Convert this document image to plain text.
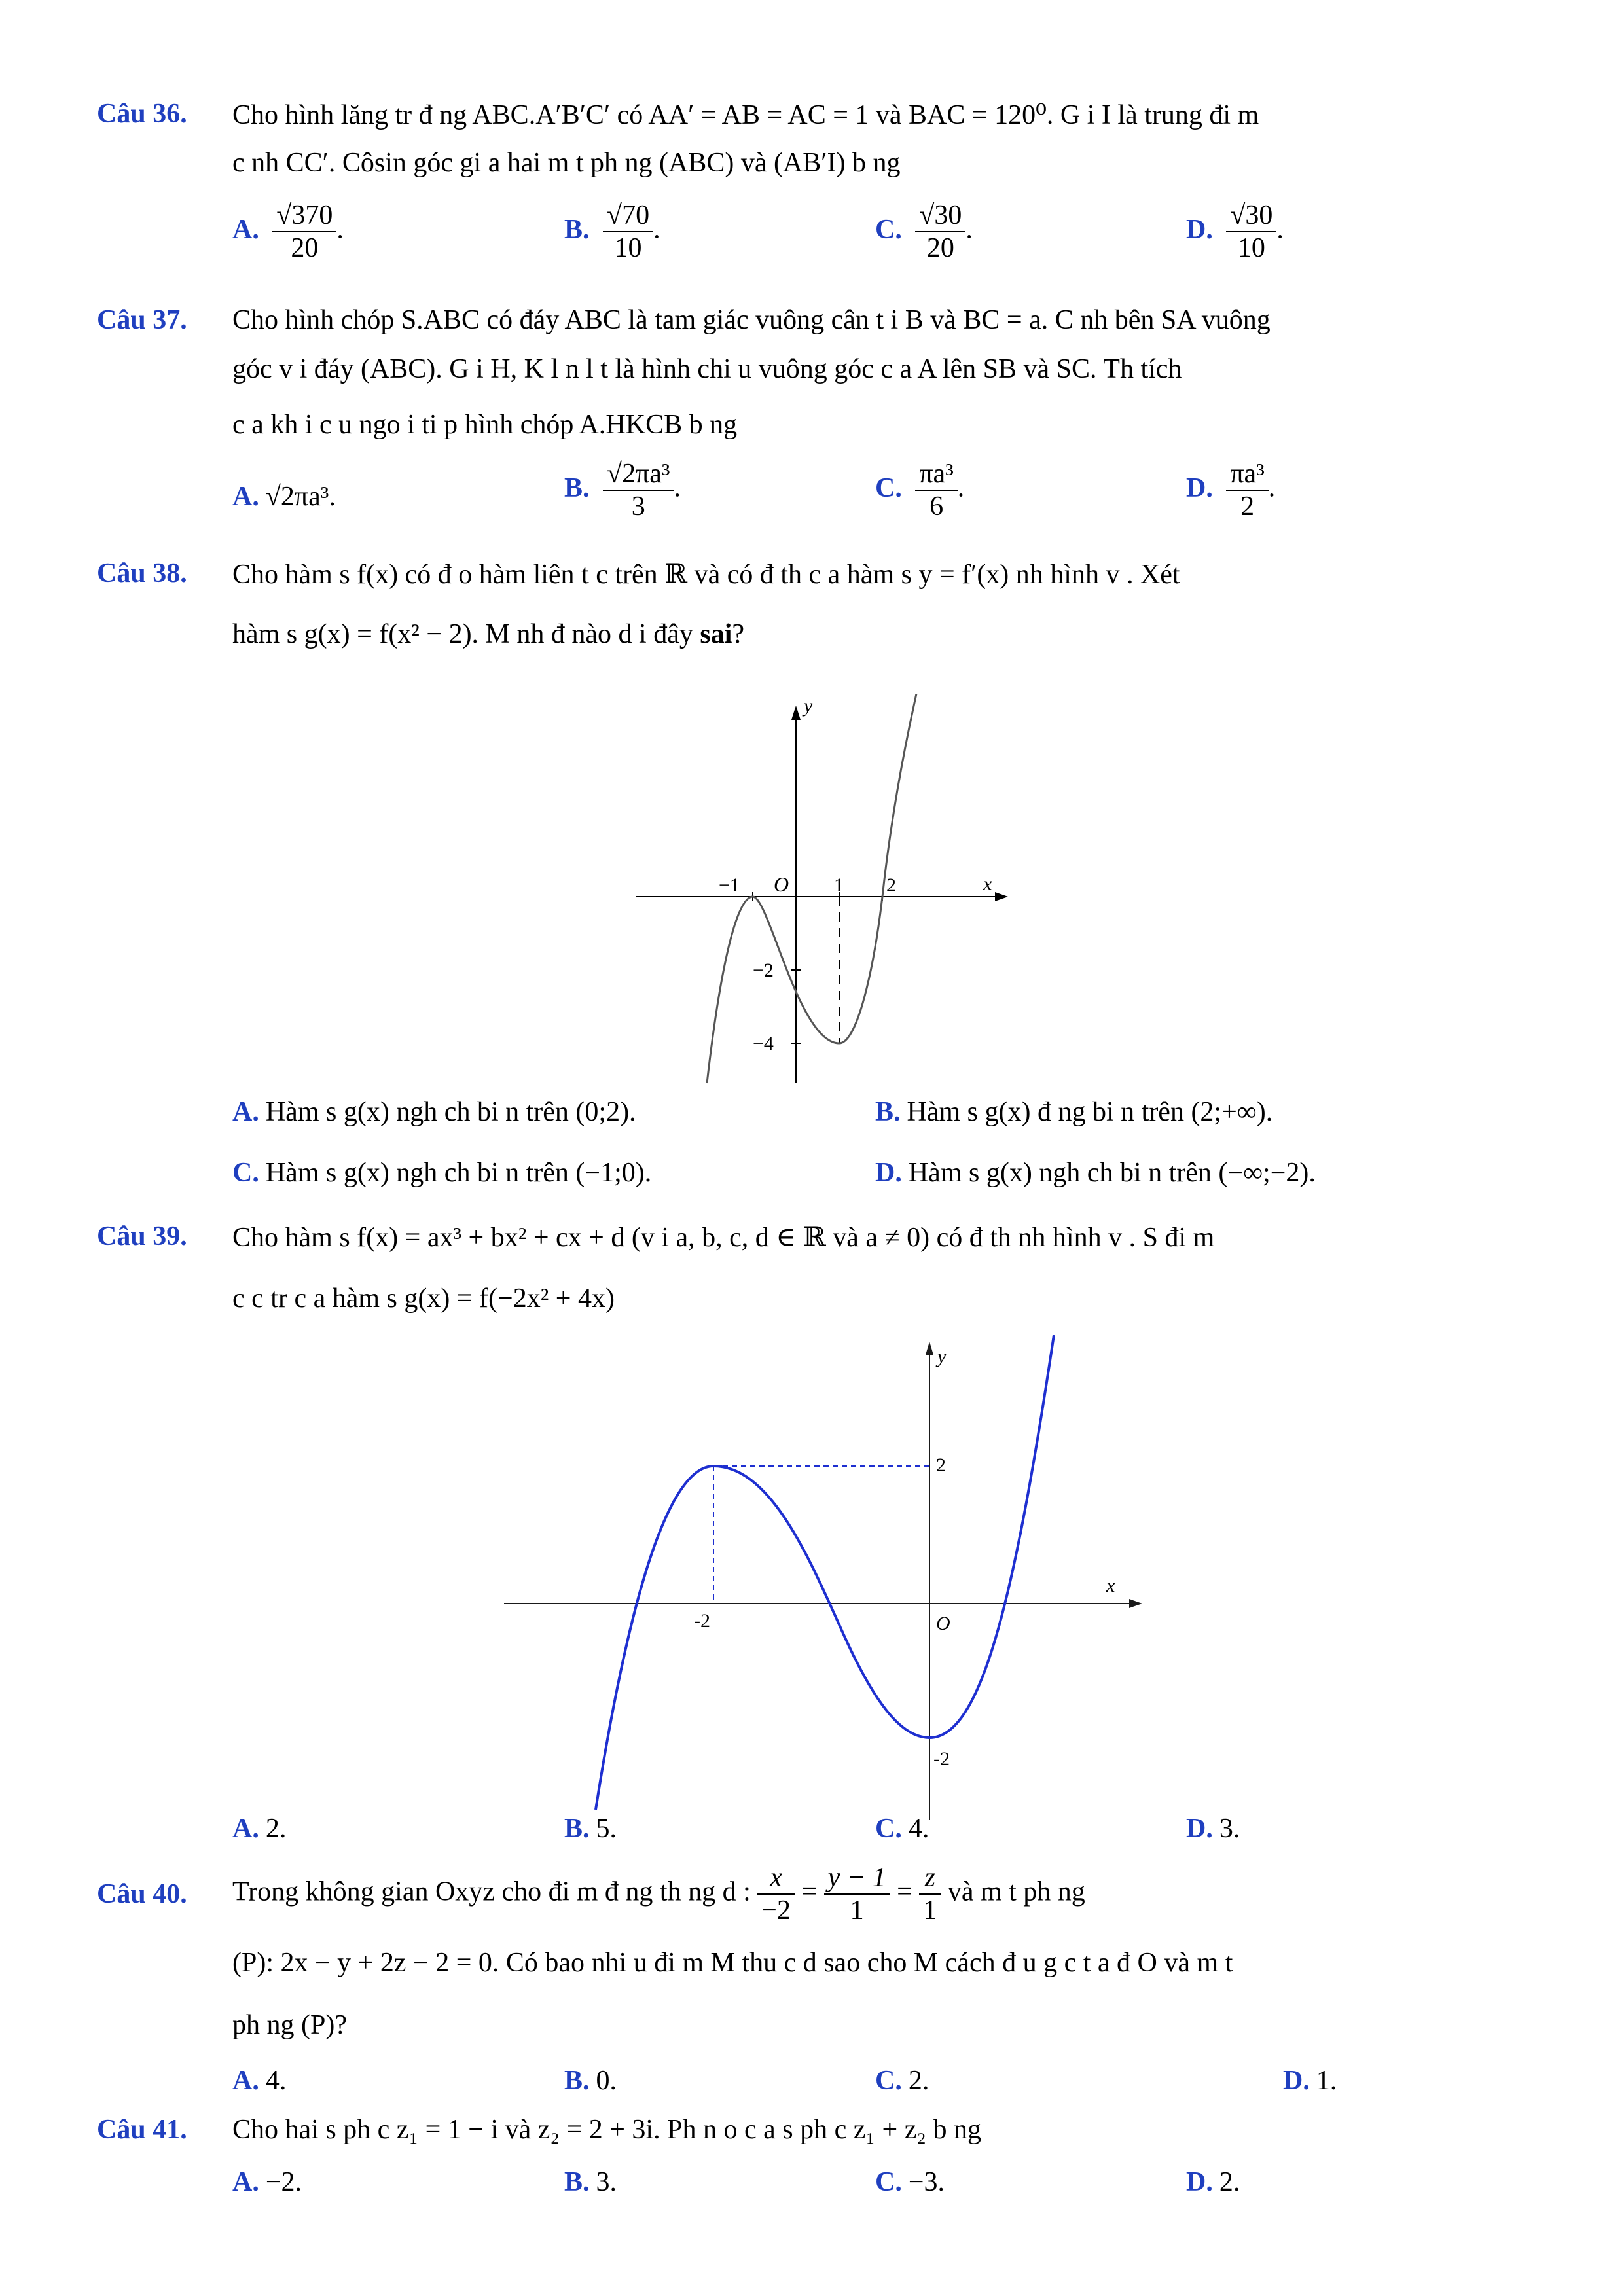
Câu 36. Cho hình lăng tr đ ng ABC.A′B′C′ có AA′ = AB = AC = 1 và BAC = 120⁰. G i I là trung đi m
c nh CC′. Côsin góc gi a hai m t ph ng (ABC) và (AB′I) b ng
A. $\frac{√370}{20}$ .	B. $\frac{√70}{10}$ .	C. $\frac{√30}{20}$ .	D. $\frac{√30}{10}$ .
Câu 37. Cho hình chóp S.ABC có đáy ABC là tam giác vuông cân t i B và BC = a. C nh bên SA vuông
góc v i đáy (ABC). G i H, K l n l t là hình chi u vuông góc c a A lên SB và SC. Th tích
c a kh i c u ngo i ti p hình chóp A.HKCB b ng
A. √2πa³.	B. $\frac{\text{√2πa³}}{3}$ .	C. $\frac{\text{πa³}}{6}$ .	D. $\frac{\text{πa³}}{2}$ .
Câu 38. Cho hàm s f(x) có đ o hàm liên t c trên ℝ và có đ th c a hàm s y = f′(x) nh hình v . Xét
hàm s g(x) = f(x² − 2). M nh đ nào d i đây sai?
y
x
O
−1	1 2
−2
−4
A. Hàm s g(x) ngh ch bi n trên (0;2).	B. Hàm s g(x) đ ng bi n trên (2;+∞).
C. Hàm s g(x) ngh ch bi n trên (−1;0).	D. Hàm s g(x) ngh ch bi n trên (−∞;−2).
Câu 39. Cho hàm s f(x) = ax³ + bx² + cx + d (v i a, b, c, d ∈ ℝ và a ≠ 0) có đ th nh hình v . S đi m
c c tr c a hàm s g(x) = f(−2x² + 4x)
y
x
O
-2
2
-2
A. 2.	B. 5.	C. 4.	D. 3.
Câu 40. Trong không gian Oxyz cho đi m đ ng th ng d : $\frac{x}{-2} = \frac{y - 1}{1} = \frac{z}{1}$ và m t ph ng
(P): 2x − y + 2z − 2 = 0. Có bao nhi u đi m M thu c d sao cho M cách đ u g c t a đ O và m t
ph ng (P)?
A. 4.	B. 0.	C. 2.	D. 1.
Câu 41. Cho hai s ph c z₁ = 1 − i và z₂ = 2 + 3i. Ph n o c a s ph c z₁ + z₂ b ng
A. −2.	B. 3.	C. −3.	D. 2.
